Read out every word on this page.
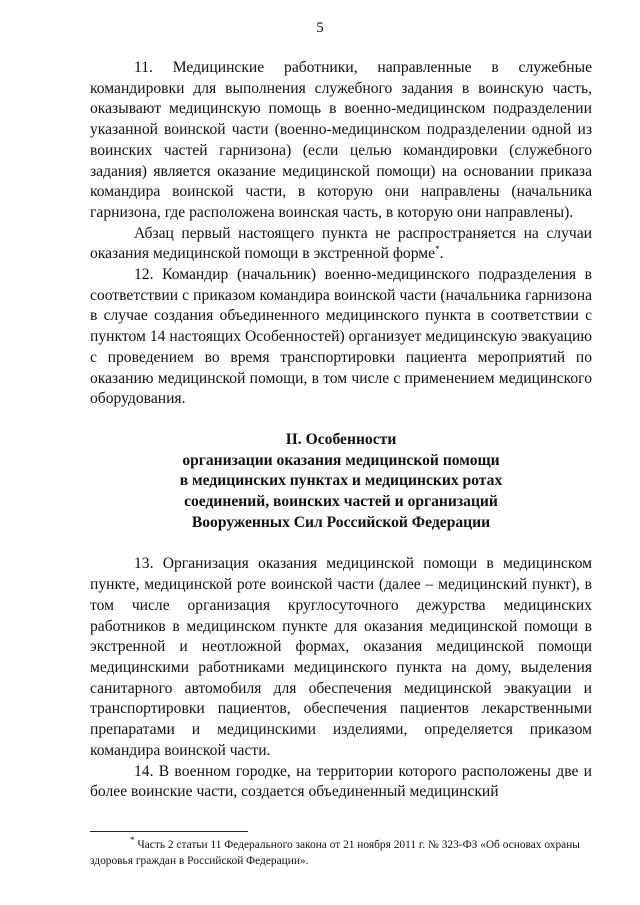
5

11. Медицинские работники, направленные в служебные командировки для выполнения служебного задания в воинскую часть, оказывают медицинскую помощь в военно-медицинском подразделении указанной воинской части (военно-медицинском подразделении одной из воинских частей гарнизона) (если целью командировки (служебного задания) является оказание медицинской помощи) на основании приказа командира воинской части, в которую они направлены (начальника гарнизона, где расположена воинская часть, в которую они направлены).

Абзац первый настоящего пункта не распространяется на случаи оказания медицинской помощи в экстренной форме*.

12. Командир (начальник) военно-медицинского подразделения в соответствии с приказом командира воинской части (начальника гарнизона в случае создания объединенного медицинского пункта в соответствии с пунктом 14 настоящих Особенностей) организует медицинскую эвакуацию с проведением во время транспортировки пациента мероприятий по оказанию медицинской помощи, в том числе с применением медицинского оборудования.

II. Особенности
организации оказания медицинской помощи
в медицинских пунктах и медицинских ротах
соединений, воинских частей и организаций
Вооруженных Сил Российской Федерации

13. Организация оказания медицинской помощи в медицинском пункте, медицинской роте воинской части (далее – медицинский пункт), в том числе организация круглосуточного дежурства медицинских работников в медицинском пункте для оказания медицинской помощи в экстренной и неотложной формах, оказания медицинской помощи медицинскими работниками медицинского пункта на дому, выделения санитарного автомобиля для обеспечения медицинской эвакуации и транспортировки пациентов, обеспечения пациентов лекарственными препаратами и медицинскими изделиями, определяется приказом командира воинской части.

14. В военном городке, на территории которого расположены две и более воинские части, создается объединенный медицинский

* Часть 2 статьи 11 Федерального закона от 21 ноября 2011 г. № 323-ФЗ «Об основах охраны здоровья граждан в Российской Федерации».
